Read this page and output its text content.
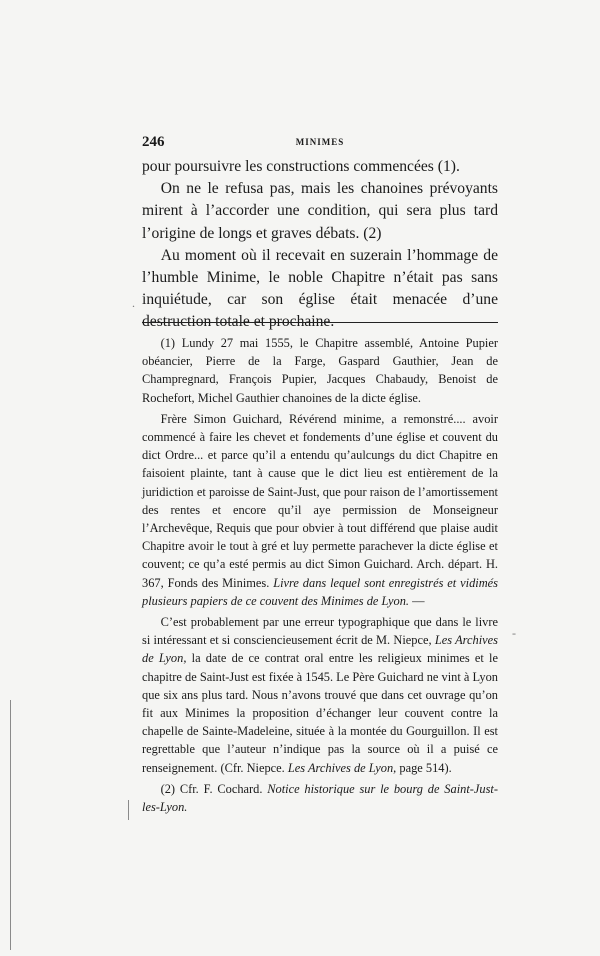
246	MINIMES

pour poursuivre les constructions commencées (1).

On ne le refusa pas, mais les chanoines prévoyants mirent à l’accorder une condition, qui sera plus tard l’origine de longs et graves débats. (2)

Au moment où il recevait en suzerain l’hommage de l’humble Minime, le noble Chapitre n’était pas sans inquiétude, car son église était menacée d’une destruction totale et prochaine.

(1) Lundy 27 mai 1555, le Chapitre assemblé, Antoine Pupier obéancier, Pierre de la Farge, Gaspard Gauthier, Jean de Champregnard, François Pupier, Jacques Chabaudy, Benoist de Rochefort, Michel Gauthier chanoines de la dicte église.

Frère Simon Guichard, Révérend minime, a remonstré.... avoir commencé à faire les chevet et fondements d’une église et couvent du dict Ordre... et parce qu’il a entendu qu’aulcungs du dict Chapitre en faisoient plainte, tant à cause que le dict lieu est entièrement de la juridiction et paroisse de Saint-Just, que pour raison de l’amortissement des rentes et encore qu’il aye permission de Monseigneur l’Archevêque, Requis que pour obvier à tout différend que plaise audit Chapitre avoir le tout à gré et luy permette parachever la dicte église et couvent; ce qu’a esté permis au dict Simon Guichard. Arch. départ. H. 367, Fonds des Minimes. Livre dans lequel sont enregistrés et vidimés plusieurs papiers de ce couvent des Minimes de Lyon. —

C’est probablement par une erreur typographique que dans le livre si intéressant et si consciencieusement écrit de M. Niepce, Les Archives de Lyon, la date de ce contrat oral entre les religieux minimes et le chapitre de Saint-Just est fixée à 1545. Le Père Guichard ne vint à Lyon que six ans plus tard. Nous n’avons trouvé que dans cet ouvrage qu’on fit aux Minimes la proposition d’échanger leur couvent contre la chapelle de Sainte-Madeleine, située à la montée du Gourguillon. Il est regrettable que l’auteur n’indique pas la source où il a puisé ce renseignement. (Cfr. Niepce. Les Archives de Lyon, page 514).

(2) Cfr. F. Cochard. Notice historique sur le bourg de Saint-Just-les-Lyon.

.
-
